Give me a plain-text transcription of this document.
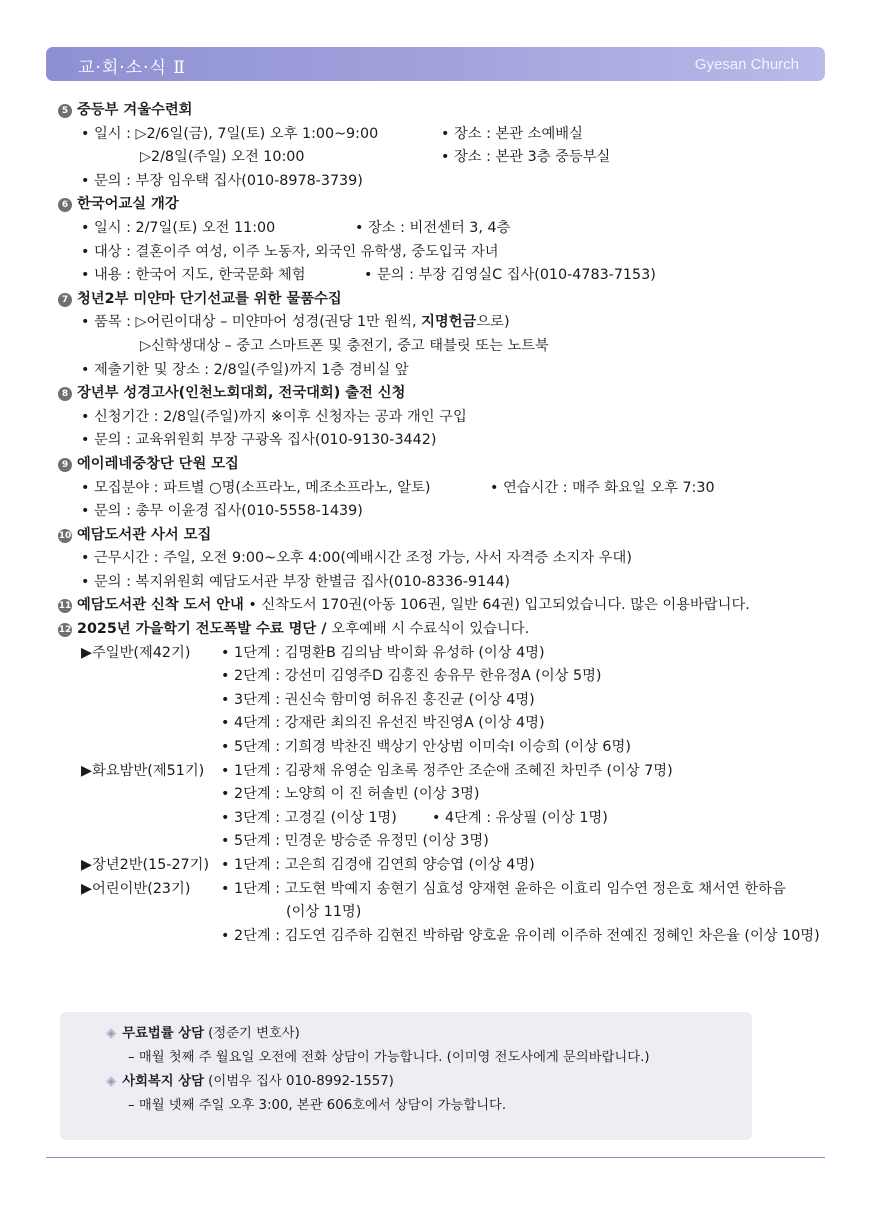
교·회·소·식 Ⅱ	Gyesan Church
5 중등부 겨울수련회
• 일시 : ▷2/6일(금), 7일(토) 오후 1:00~9:00	• 장소 : 본관 소예배실
▷2/8일(주일) 오전 10:00	• 장소 : 본관 3층 중등부실
• 문의 : 부장 임우택 집사(010-8978-3739)
6 한국어교실 개강
• 일시 : 2/7일(토) 오전 11:00	• 장소 : 비전센터 3, 4층
• 대상 : 결혼이주 여성, 이주 노동자, 외국인 유학생, 중도입국 자녀
• 내용 : 한국어 지도, 한국문화 체험	• 문의 : 부장 김영실C 집사(010-4783-7153)
7 청년2부 미얀마 단기선교를 위한 물품수집
• 품목 : ▷어린이대상 – 미얀마어 성경(권당 1만 원씩, 지명헌금으로)
▷신학생대상 – 중고 스마트폰 및 충전기, 중고 태블릿 또는 노트북
• 제출기한 및 장소 : 2/8일(주일)까지 1층 경비실 앞
8 장년부 성경고사(인천노회대회, 전국대회) 출전 신청
• 신청기간 : 2/8일(주일)까지 ※이후 신청자는 공과 개인 구입
• 문의 : 교육위원회 부장 구광옥 집사(010-9130-3442)
9 에이레네중창단 단원 모집
• 모집분야 : 파트별 ○명(소프라노, 메조소프라노, 알토)	• 연습시간 : 매주 화요일 오후 7:30
• 문의 : 총무 이윤경 집사(010-5558-1439)
10 예담도서관 사서 모집
• 근무시간 : 주일, 오전 9:00~오후 4:00(예배시간 조정 가능, 사서 자격증 소지자 우대)
• 문의 : 복지위원회 예담도서관 부장 한별금 집사(010-8336-9144)
11 예담도서관 신착 도서 안내 • 신착도서 170권(아동 106권, 일반 64권) 입고되었습니다. 많은 이용바랍니다.
12 2025년 가을학기 전도폭발 수료 명단 / 오후예배 시 수료식이 있습니다.
▶주일반(제42기)	• 1단계 : 김명환B 김의남 박이화 유성하 (이상 4명)
• 2단계 : 강선미 김영주D 김홍진 송유무 한유정A (이상 5명)
• 3단계 : 권신숙 함미영 허유진 홍진균 (이상 4명)
• 4단계 : 강재란 최의진 유선진 박진영A (이상 4명)
• 5단계 : 기희경 박찬진 백상기 안상범 이미숙I 이승희 (이상 6명)
▶화요밤반(제51기)	• 1단계 : 김광채 유영순 임초록 정주안 조순애 조혜진 차민주 (이상 7명)
• 2단계 : 노양희 이 진 허솔빈 (이상 3명)
• 3단계 : 고경길 (이상 1명)	• 4단계 : 유상필 (이상 1명)
• 5단계 : 민경운 방승준 유정민 (이상 3명)
▶장년2반(15-27기)	• 1단계 : 고은희 김경애 김연희 양승엽 (이상 4명)
▶어린이반(23기)	• 1단계 : 고도현 박예지 송현기 심효성 양재현 윤하은 이효리 임수연 정은호 채서연 한하음
(이상 11명)
• 2단계 : 김도연 김주하 김현진 박하람 양호윤 유이레 이주하 전예진 정혜인 차은율 (이상 10명)
◈ 무료법률 상담 (정준기 변호사)
– 매월 첫째 주 월요일 오전에 전화 상담이 가능합니다. (이미영 전도사에게 문의바랍니다.)
◈ 사회복지 상담 (이범우 집사 010-8992-1557)
– 매월 넷째 주일 오후 3:00, 본관 606호에서 상담이 가능합니다.
